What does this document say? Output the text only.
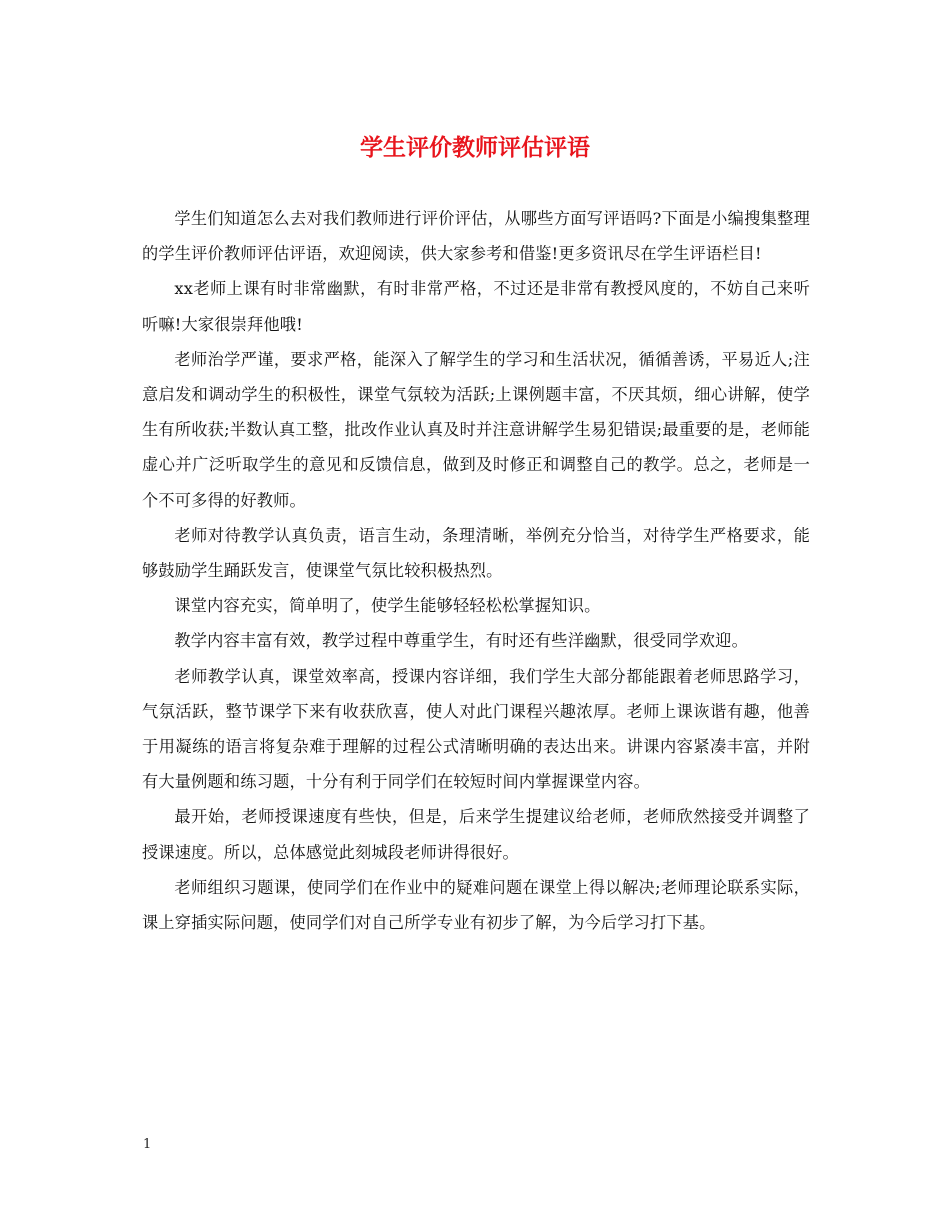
学生评价教师评估评语

学生们知道怎么去对我们教师进行评价评估，从哪些方面写评语吗?下面是小编搜集整理的学生评价教师评估评语，欢迎阅读，供大家参考和借鉴!更多资讯尽在学生评语栏目!

xx老师上课有时非常幽默，有时非常严格，不过还是非常有教授风度的，不妨自己来听听嘛!大家很崇拜他哦!

老师治学严谨，要求严格，能深入了解学生的学习和生活状况，循循善诱，平易近人;注意启发和调动学生的积极性，课堂气氛较为活跃;上课例题丰富，不厌其烦，细心讲解，使学生有所收获;半数认真工整，批改作业认真及时并注意讲解学生易犯错误;最重要的是，老师能虚心并广泛听取学生的意见和反馈信息，做到及时修正和调整自己的教学。总之，老师是一个不可多得的好教师。

老师对待教学认真负责，语言生动，条理清晰，举例充分恰当，对待学生严格要求，能够鼓励学生踊跃发言，使课堂气氛比较积极热烈。

课堂内容充实，简单明了，使学生能够轻轻松松掌握知识。

教学内容丰富有效，教学过程中尊重学生，有时还有些洋幽默，很受同学欢迎。

老师教学认真，课堂效率高，授课内容详细，我们学生大部分都能跟着老师思路学习，气氛活跃，整节课学下来有收获欣喜，使人对此门课程兴趣浓厚。老师上课诙谐有趣，他善于用凝练的语言将复杂难于理解的过程公式清晰明确的表达出来。讲课内容紧凑丰富，并附有大量例题和练习题，十分有利于同学们在较短时间内掌握课堂内容。

最开始，老师授课速度有些快，但是，后来学生提建议给老师，老师欣然接受并调整了授课速度。所以，总体感觉此刻城段老师讲得很好。

老师组织习题课，使同学们在作业中的疑难问题在课堂上得以解决;老师理论联系实际，课上穿插实际问题，使同学们对自己所学专业有初步了解，为今后学习打下基。

1
